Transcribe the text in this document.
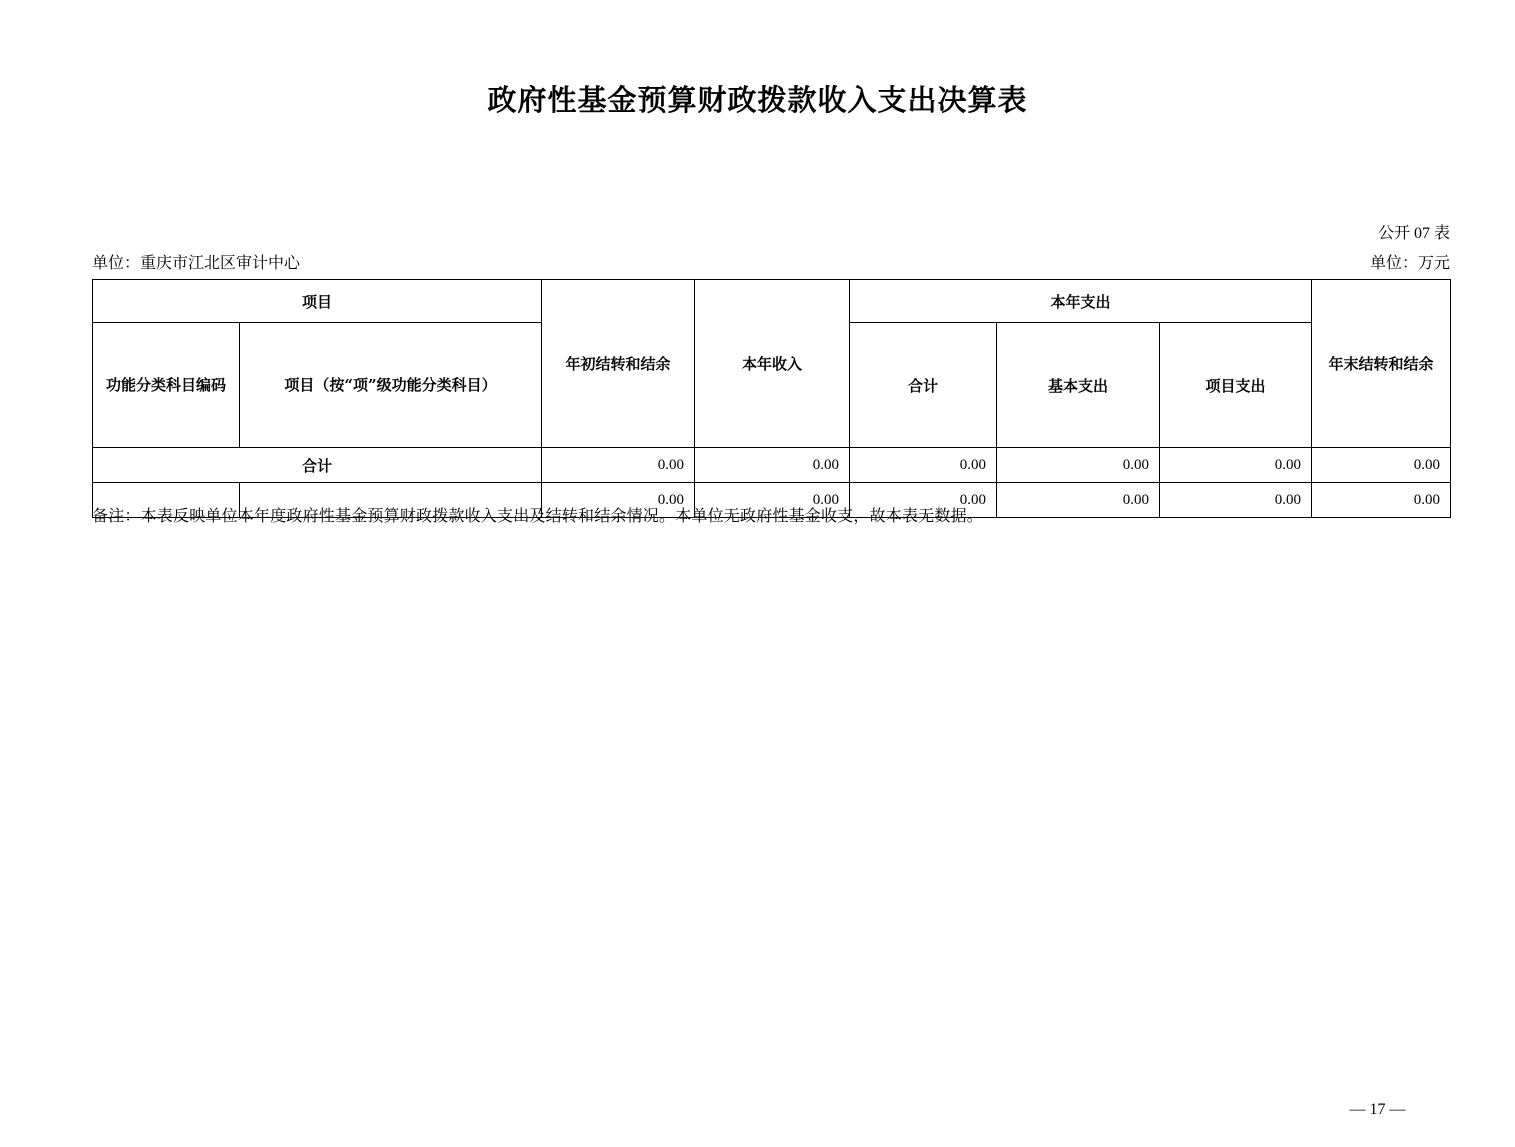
政府性基金预算财政拨款收入支出决算表
公开 07 表
单位：重庆市江北区审计中心	单位：万元
项目		年初结转和结余	本年收入	本年支出			年末结转和结余
功能分类科目编码	项目（按“项”级功能分类科目）			合计	基本支出	项目支出	
合计		0.00	0.00	0.00	0.00	0.00	0.00
		0.00	0.00	0.00	0.00	0.00	0.00
备注：本表反映单位本年度政府性基金预算财政拨款收入支出及结转和结余情况。本单位无政府性基金收支，故本表无数据。
— 17 —
